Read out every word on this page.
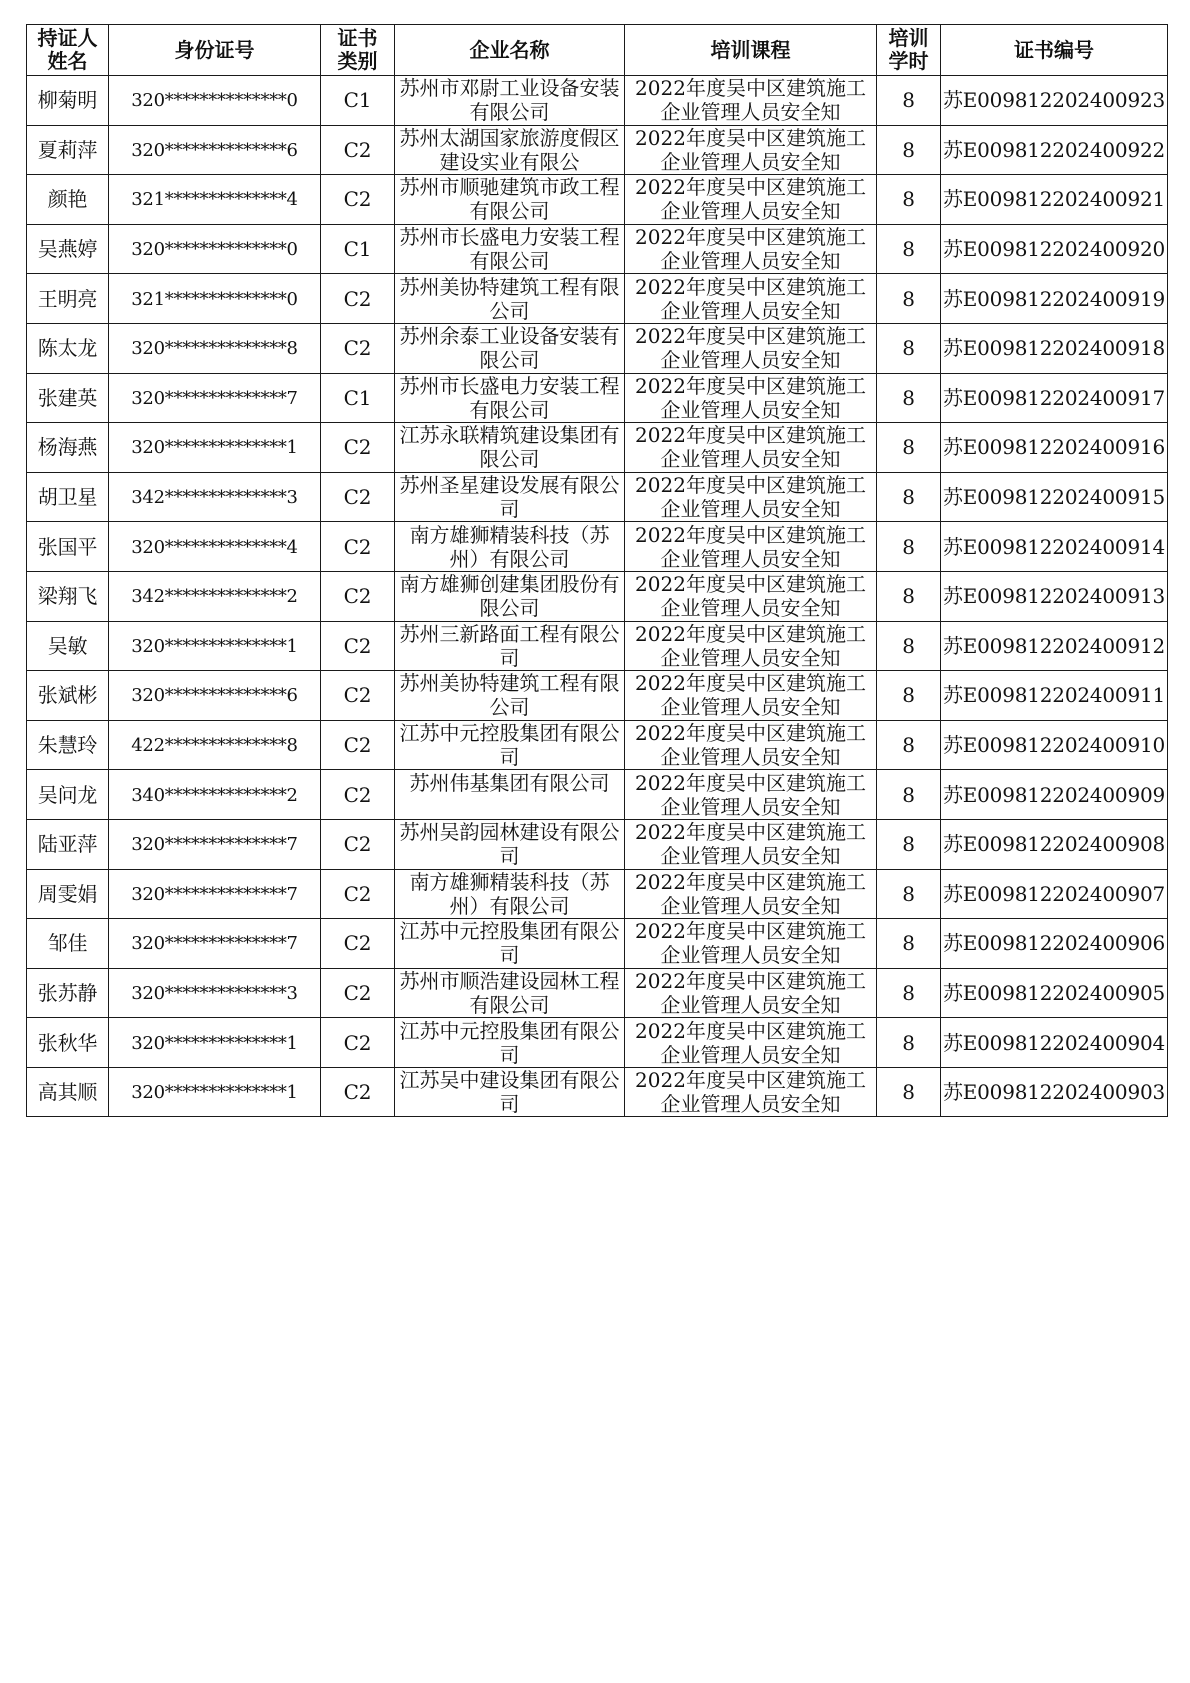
持证人姓名	身份证号	证书类别	企业名称	培训课程	培训学时	证书编号
柳菊明	320**************0	C1	苏州市邓尉工业设备安装有限公司	2022年度吴中区建筑施工企业管理人员安全知	8	苏E009812202400923
夏莉萍	320**************6	C2	苏州太湖国家旅游度假区建设实业有限公	2022年度吴中区建筑施工企业管理人员安全知	8	苏E009812202400922
颜艳	321**************4	C2	苏州市顺驰建筑市政工程有限公司	2022年度吴中区建筑施工企业管理人员安全知	8	苏E009812202400921
吴燕婷	320**************0	C1	苏州市长盛电力安装工程有限公司	2022年度吴中区建筑施工企业管理人员安全知	8	苏E009812202400920
王明亮	321**************0	C2	苏州美协特建筑工程有限公司	2022年度吴中区建筑施工企业管理人员安全知	8	苏E009812202400919
陈太龙	320**************8	C2	苏州余泰工业设备安装有限公司	2022年度吴中区建筑施工企业管理人员安全知	8	苏E009812202400918
张建英	320**************7	C1	苏州市长盛电力安装工程有限公司	2022年度吴中区建筑施工企业管理人员安全知	8	苏E009812202400917
杨海燕	320**************1	C2	江苏永联精筑建设集团有限公司	2022年度吴中区建筑施工企业管理人员安全知	8	苏E009812202400916
胡卫星	342**************3	C2	苏州圣星建设发展有限公司	2022年度吴中区建筑施工企业管理人员安全知	8	苏E009812202400915
张国平	320**************4	C2	南方雄狮精装科技（苏州）有限公司	2022年度吴中区建筑施工企业管理人员安全知	8	苏E009812202400914
梁翔飞	342**************2	C2	南方雄狮创建集团股份有限公司	2022年度吴中区建筑施工企业管理人员安全知	8	苏E009812202400913
吴敏	320**************1	C2	苏州三新路面工程有限公司	2022年度吴中区建筑施工企业管理人员安全知	8	苏E009812202400912
张斌彬	320**************6	C2	苏州美协特建筑工程有限公司	2022年度吴中区建筑施工企业管理人员安全知	8	苏E009812202400911
朱慧玲	422**************8	C2	江苏中元控股集团有限公司	2022年度吴中区建筑施工企业管理人员安全知	8	苏E009812202400910
吴问龙	340**************2	C2	苏州伟基集团有限公司	2022年度吴中区建筑施工企业管理人员安全知	8	苏E009812202400909
陆亚萍	320**************7	C2	苏州吴韵园林建设有限公司	2022年度吴中区建筑施工企业管理人员安全知	8	苏E009812202400908
周雯娟	320**************7	C2	南方雄狮精装科技（苏州）有限公司	2022年度吴中区建筑施工企业管理人员安全知	8	苏E009812202400907
邹佳	320**************7	C2	江苏中元控股集团有限公司	2022年度吴中区建筑施工企业管理人员安全知	8	苏E009812202400906
张苏静	320**************3	C2	苏州市顺浩建设园林工程有限公司	2022年度吴中区建筑施工企业管理人员安全知	8	苏E009812202400905
张秋华	320**************1	C2	江苏中元控股集团有限公司	2022年度吴中区建筑施工企业管理人员安全知	8	苏E009812202400904
高其顺	320**************1	C2	江苏吴中建设集团有限公司	2022年度吴中区建筑施工企业管理人员安全知	8	苏E009812202400903
